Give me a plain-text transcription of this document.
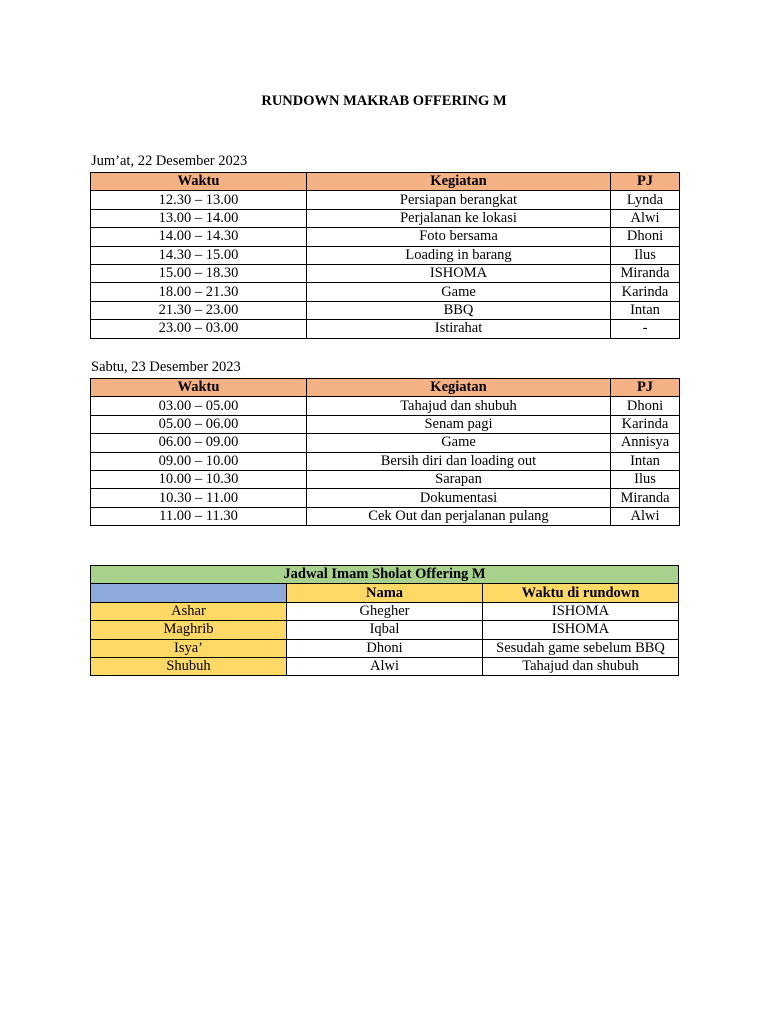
RUNDOWN MAKRAB OFFERING M
Jum’at, 22 Desember 2023
Waktu	Kegiatan	PJ
12.30 – 13.00	Persiapan berangkat	Lynda
13.00 – 14.00	Perjalanan ke lokasi	Alwi
14.00 – 14.30	Foto bersama	Dhoni
14.30 – 15.00	Loading in barang	Ilus
15.00 – 18.30	ISHOMA	Miranda
18.00 – 21.30	Game	Karinda
21.30 – 23.00	BBQ	Intan
23.00 – 03.00	Istirahat	-
Sabtu, 23 Desember 2023
Waktu	Kegiatan	PJ
03.00 – 05.00	Tahajud dan shubuh	Dhoni
05.00 – 06.00	Senam pagi	Karinda
06.00 – 09.00	Game	Annisya
09.00 – 10.00	Bersih diri dan loading out	Intan
10.00 – 10.30	Sarapan	Ilus
10.30 – 11.00	Dokumentasi	Miranda
11.00 – 11.30	Cek Out dan perjalanan pulang	Alwi
Jadwal Imam Sholat Offering M		
	Nama	Waktu di rundown
Ashar	Ghegher	ISHOMA
Maghrib	Iqbal	ISHOMA
Isya’	Dhoni	Sesudah game sebelum BBQ
Shubuh	Alwi	Tahajud dan shubuh
